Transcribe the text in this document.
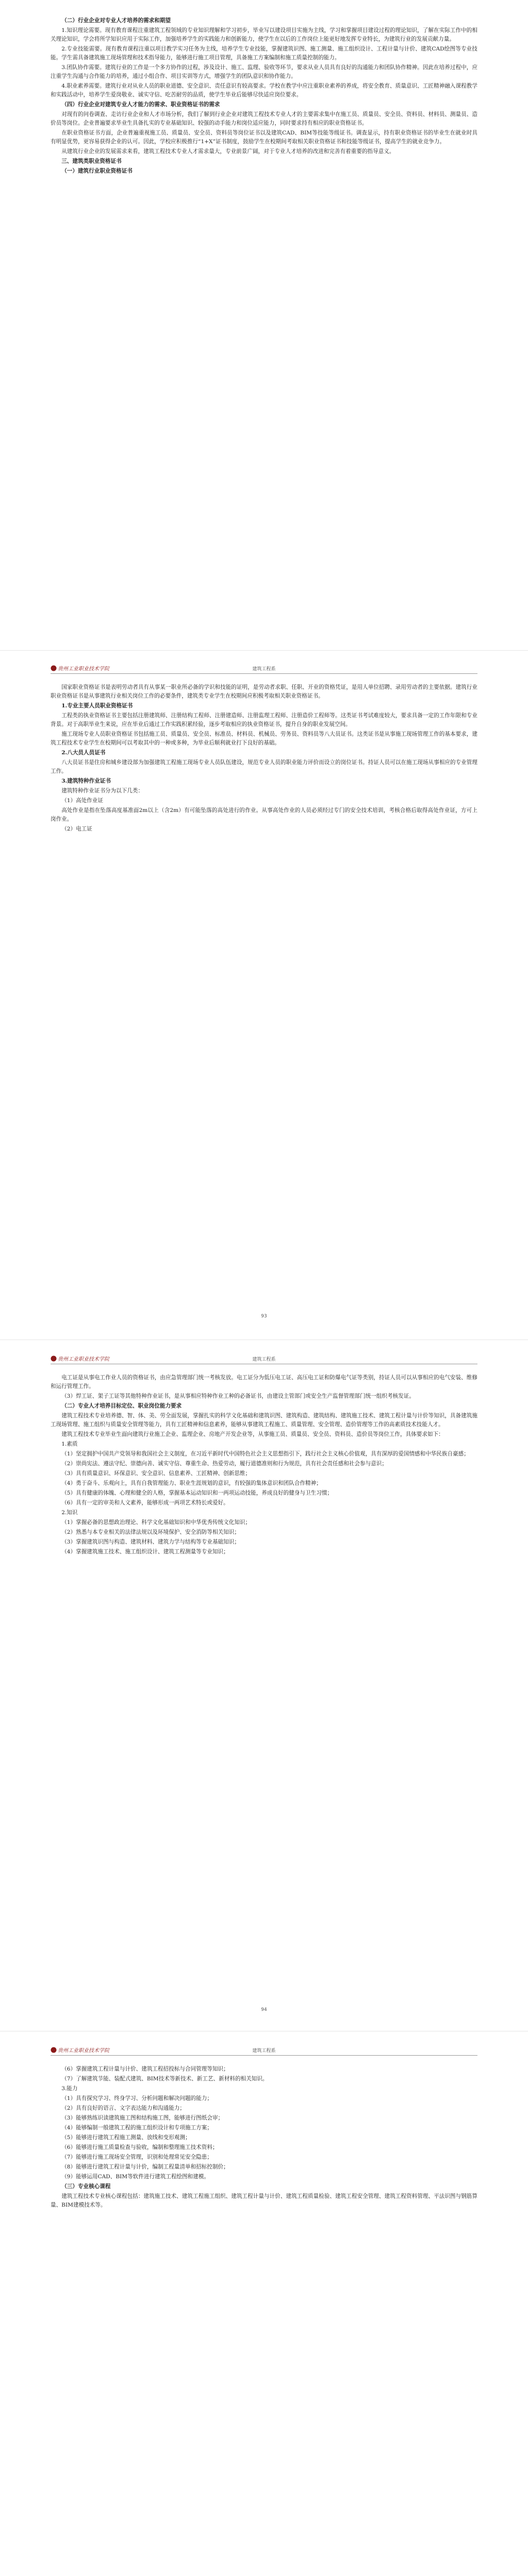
（二）行业企业对专业人才培养的需求和期望

1.知识理论需要。现有教育课程注重建筑工程领域的专业知识理解和学习初步，毕业写以建设项目实施为主线，学习和掌握项目建设过程的理论知识，了解在实际工作中的相关理论知识，学会将所学知识应用于实际工作，加强培养学生的实践能力和创新能力，使学生在以后的工作岗位上能更好地发挥专业特长，为建筑行业的发展贡献力量。

2.专业技能需要。现有教育课程注重以项目教学实习任务为主线，培养学生专业技能，掌握建筑识图、施工测量、施工组织设计、工程计量与计价、建筑CAD绘图等专业技能。学生需具备建筑施工现场管理和技术指导能力，能够进行施工项目管理，具备施工方案编制和施工质量控制的能力。

3.团队协作需要。建筑行业的工作是一个多方协作的过程，涉及设计、施工、监理、验收等环节，要求从业人员具有良好的沟通能力和团队协作精神。因此在培养过程中，应注重学生沟通与合作能力的培养，通过小组合作、项目实训等方式，增强学生的团队意识和协作能力。

4.职业素养需要。建筑行业对从业人员的职业道德、安全意识、责任意识有较高要求。学校在教学中应注重职业素养的养成，将安全教育、质量意识、工匠精神融入课程教学和实践活动中，培养学生爱岗敬业、诚实守信、吃苦耐劳的品质，使学生毕业后能够尽快适应岗位要求。

（四）行业企业对建筑专业人才能力的需求、职业资格证书的需求

对现有的问卷调查、走访行业企业和人才市场分析，我们了解到行业企业对建筑工程技术专业人才的主要需求集中在施工员、质量员、安全员、资料员、材料员、测量员、造价员等岗位。企业普遍要求毕业生具备扎实的专业基础知识、较强的动手能力和岗位适应能力，同时要求持有相应的职业资格证书。

在职业资格证书方面，企业普遍重视施工员、质量员、安全员、资料员等岗位证书以及建筑CAD、BIM等技能等级证书。调查显示，持有职业资格证书的毕业生在就业时具有明显优势，更容易获得企业的认可。因此，学校应积极推行“1+X”证书制度，鼓励学生在校期间考取相关职业资格证书和技能等级证书，提高学生的就业竞争力。

从建筑行业企业的发展需求来看，建筑工程技术专业人才需求量大，专业前景广阔，对于专业人才培养的改进和完善有着重要的指导意义。

三、建筑类职业资格证书

（一）建筑行业职业资格证书

贵州工业职业技术学院	建筑工程系

国家职业资格证书是表明劳动者具有从事某一职业所必备的学识和技能的证明，是劳动者求职、任职、开业的资格凭证，是用人单位招聘、录用劳动者的主要依据。建筑行业职业资格证书是从事建筑行业相关岗位工作的必要条件，建筑类专业学生在校期间应积极考取相关职业资格证书。

1.专业主要人员职业资格证书

工程类的执业资格证书主要包括注册建筑师、注册结构工程师、注册建造师、注册监理工程师、注册造价工程师等。这类证书考试难度较大，要求具备一定的工作年限和专业背景。对于高职毕业生来说，应在毕业后通过工作实践积累经验，逐步考取相应的执业资格证书，提升自身的职业发展空间。

施工现场专业人员职业资格证书包括施工员、质量员、安全员、标准员、材料员、机械员、劳务员、资料员等八大员证书。这类证书是从事施工现场管理工作的基本要求，建筑工程技术专业学生在校期间可以考取其中的一种或多种，为毕业后顺利就业打下良好的基础。

2.八大员人员证书

八大员证书是住房和城乡建设部为加强建筑工程施工现场专业人员队伍建设，规范专业人员的职业能力评价而设立的岗位证书。持证人员可以在施工现场从事相应的专业管理工作。

3.建筑特种作业证书

建筑特种作业证书分为以下几类：

（1）高处作业证

高处作业是指在坠落高度基准面2m以上（含2m）有可能坠落的高处进行的作业。从事高处作业的人员必须经过专门的安全技术培训，考核合格后取得高处作业证，方可上岗作业。

（2）电工证

93
贵州工业职业技术学院	建筑工程系

电工证是从事电工作业人员的资格证书，由应急管理部门统一考核发放。电工证分为低压电工证、高压电工证和防爆电气证等类别，持证人员可以从事相应的电气安装、维修和运行管理工作。

（3）焊工证、架子工证等其他特种作业证书，是从事相应特种作业工种的必备证书，由建设主管部门或安全生产监督管理部门统一组织考核发证。

（二）专业人才培养目标定位、职业岗位能力要求

建筑工程技术专业培养德、智、体、美、劳全面发展，掌握扎实的科学文化基础和建筑识图、建筑构造、建筑结构、建筑施工技术、建筑工程计量与计价等知识，具备建筑施工现场管理、施工组织与质量安全管理等能力，具有工匠精神和信息素养，能够从事建筑工程施工、质量管理、安全管理、造价管理等工作的高素质技术技能人才。

建筑工程技术专业毕业生面向建筑行业施工企业、监理企业、房地产开发企业等，从事施工员、质量员、安全员、资料员、造价员等岗位工作，具体要求如下：

1.素质

（1）坚定拥护中国共产党领导和我国社会主义制度，在习近平新时代中国特色社会主义思想指引下，践行社会主义核心价值观，具有深厚的爱国情感和中华民族自豪感；

（2）崇尚宪法、遵法守纪、崇德向善、诚实守信、尊重生命、热爱劳动，履行道德准则和行为规范，具有社会责任感和社会参与意识；

（3）具有质量意识、环保意识、安全意识、信息素养、工匠精神、创新思维；

（4）勇于奋斗、乐观向上，具有自我管理能力、职业生涯规划的意识，有较强的集体意识和团队合作精神；

（5）具有健康的体魄、心理和健全的人格，掌握基本运动知识和一两项运动技能，养成良好的健身与卫生习惯；

（6）具有一定的审美和人文素养，能够形成一两项艺术特长或爱好。

2.知识

（1）掌握必备的思想政治理论、科学文化基础知识和中华优秀传统文化知识；

（2）熟悉与本专业相关的法律法规以及环境保护、安全消防等相关知识；

（3）掌握建筑识图与构造、建筑材料、建筑力学与结构等专业基础知识；

（4）掌握建筑施工技术、施工组织设计、建筑工程测量等专业知识；

94
贵州工业职业技术学院	建筑工程系

（6）掌握建筑工程计量与计价、建筑工程招投标与合同管理等知识；

（7）了解建筑节能、装配式建筑、BIM技术等新技术、新工艺、新材料的相关知识。

3.能力

（1）具有探究学习、终身学习、分析问题和解决问题的能力；

（2）具有良好的语言、文字表达能力和沟通能力；

（3）能够熟练识读建筑施工图和结构施工图，能够进行图纸会审；

（4）能够编制一般建筑工程的施工组织设计和专项施工方案；

（5）能够进行建筑工程施工测量、放线和变形观测；

（6）能够进行施工质量检查与验收，编制和整理施工技术资料；

（7）能够进行施工现场安全管理，识别和处理常见安全隐患；

（8）能够进行建筑工程计量与计价，编制工程量清单和招标控制价；

（9）能够运用CAD、BIM等软件进行建筑工程绘图和建模。

（三）专业核心课程

建筑工程技术专业核心课程包括：建筑施工技术、建筑工程施工组织、建筑工程计量与计价、建筑工程质量检验、建筑工程安全管理、建筑工程资料管理、平法识图与钢筋算量、BIM建模技术等。
